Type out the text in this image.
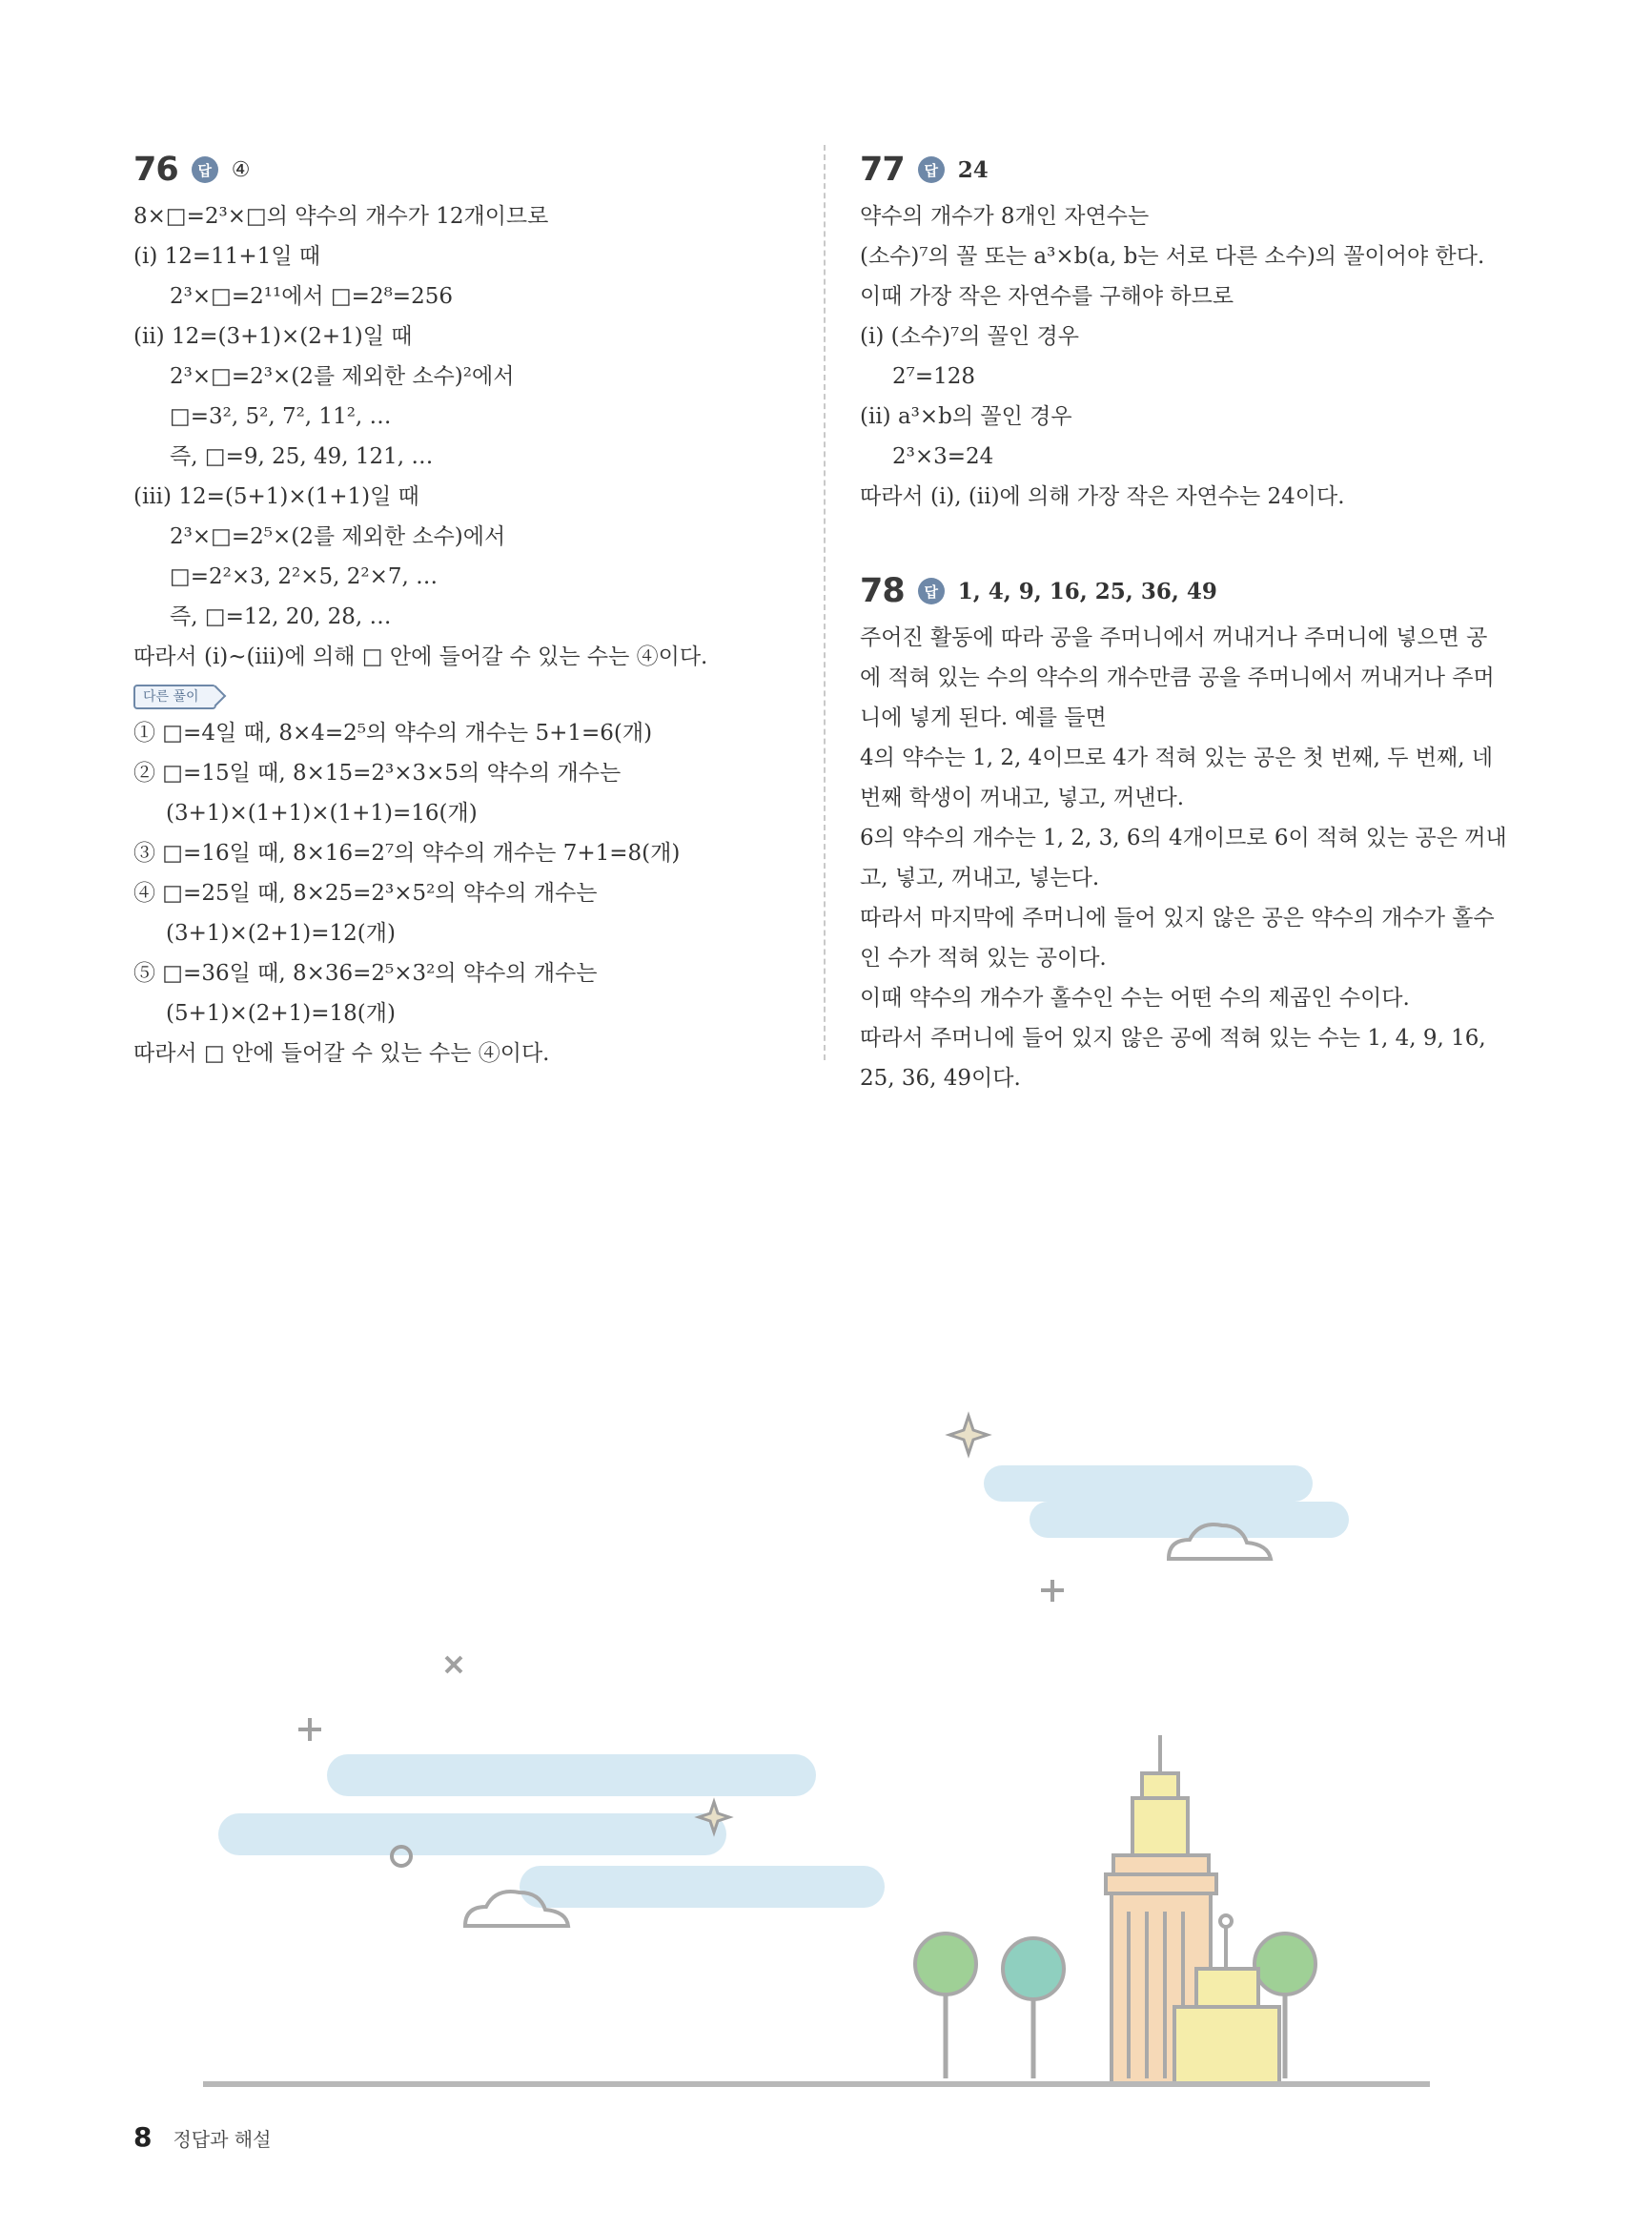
76	답 ④
8×□=2³×□의 약수의 개수가 12개이므로
(i) 12=11+1일 때
2³×□=2¹¹에서 □=2⁸=256
(ii) 12=(3+1)×(2+1)일 때
2³×□=2³×(2를 제외한 소수)²에서
□=3², 5², 7², 11², …
즉, □=9, 25, 49, 121, …
(iii) 12=(5+1)×(1+1)일 때
2³×□=2⁵×(2를 제외한 소수)에서
□=2²×3, 2²×5, 2²×7, …
즉, □=12, 20, 28, …
따라서 (i)~(iii)에 의해 □ 안에 들어갈 수 있는 수는 ④이다.
다른 풀이
① □=4일 때, 8×4=2⁵의 약수의 개수는 5+1=6(개)
② □=15일 때, 8×15=2³×3×5의 약수의 개수는
(3+1)×(1+1)×(1+1)=16(개)
③ □=16일 때, 8×16=2⁷의 약수의 개수는 7+1=8(개)
④ □=25일 때, 8×25=2³×5²의 약수의 개수는
(3+1)×(2+1)=12(개)
⑤ □=36일 때, 8×36=2⁵×3²의 약수의 개수는
(5+1)×(2+1)=18(개)
따라서 □ 안에 들어갈 수 있는 수는 ④이다.
77	답 24
약수의 개수가 8개인 자연수는
(소수)⁷의 꼴 또는 a³×b(a, b는 서로 다른 소수)의 꼴이어야 한다.
이때 가장 작은 자연수를 구해야 하므로
(i) (소수)⁷의 꼴인 경우
2⁷=128
(ii) a³×b의 꼴인 경우
2³×3=24
따라서 (i), (ii)에 의해 가장 작은 자연수는 24이다.
78	답 1, 4, 9, 16, 25, 36, 49
주어진 활동에 따라 공을 주머니에서 꺼내거나 주머니에 넣으면 공
에 적혀 있는 수의 약수의 개수만큼 공을 주머니에서 꺼내거나 주머
니에 넣게 된다. 예를 들면
4의 약수는 1, 2, 4이므로 4가 적혀 있는 공은 첫 번째, 두 번째, 네
번째 학생이 꺼내고, 넣고, 꺼낸다.
6의 약수의 개수는 1, 2, 3, 6의 4개이므로 6이 적혀 있는 공은 꺼내
고, 넣고, 꺼내고, 넣는다.
따라서 마지막에 주머니에 들어 있지 않은 공은 약수의 개수가 홀수
인 수가 적혀 있는 공이다.
이때 약수의 개수가 홀수인 수는 어떤 수의 제곱인 수이다.
따라서 주머니에 들어 있지 않은 공에 적혀 있는 수는 1, 4, 9, 16,
25, 36, 49이다.
8 정답과 해설
